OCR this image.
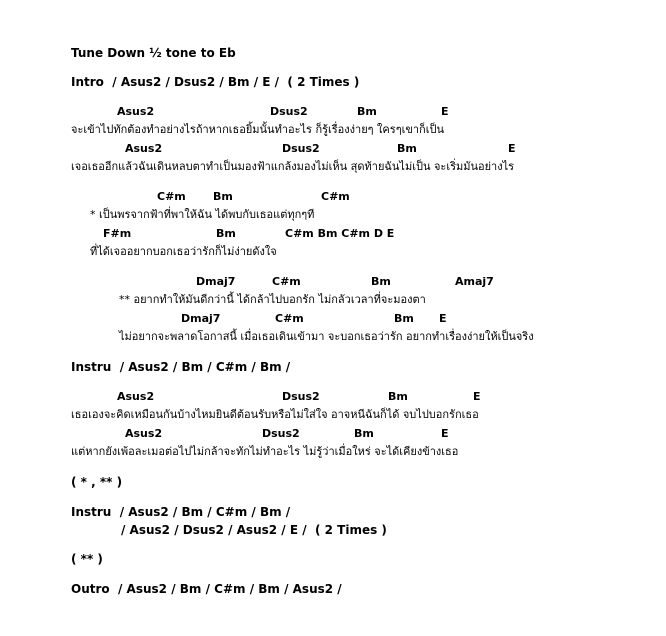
Tune Down ½ tone to Eb
Intro  / Asus2 / Dsus2 / Bm / E /  ( 2 Times )
Asus2	Dsus2	Bm	E
จะเข้าไปทักต้องทำอย่างไรถ้าหากเธอยิ้มนั้นทำอะไร ก็รู้เรื่องง่ายๆ ใครๆเขาก็เป็น
Asus2	Dsus2	Bm	E
เจอเธออีกแล้วฉันเดินหลบตาทำเป็นมองฟ้าแกล้งมองไม่เห็น สุดท้ายฉันไม่เป็น จะเริ่มมันอย่างไร
C#m Bm	C#m
* เป็นพรจากฟ้าที่พาให้ฉัน ได้พบกับเธอแต่ทุกๆที
F#m	Bm	C#m Bm C#m D E
ที่ได้เจออยากบอกเธอว่ารักก็ไม่ง่ายดังใจ
Dmaj7	C#m	Bm	Amaj7
** อยากทำให้มันดีกว่านี้ ได้กล้าไปบอกรัก ไม่กลัวเวลาที่จะมองตา
Dmaj7	C#m	Bm E
ไม่อยากจะพลาดโอกาสนี้ เมื่อเธอเดินเข้ามา จะบอกเธอว่ารัก อยากทำเรื่องง่ายให้เป็นจริง
Instru  / Asus2 / Bm / C#m / Bm /
Asus2	Dsus2	Bm	E
เธอเองจะคิดเหมือนกันบ้างไหมยินดีต้อนรับหรือไม่ใส่ใจ อาจหนีฉันก็ได้ จบไปบอกรักเธอ
Asus2	Dsus2	Bm	E
แต่หากยังเพ้อละเมอต่อไปไม่กล้าจะทักไม่ทำอะไร ไม่รู้ว่าเมื่อใหร่ จะได้เคียงข้างเธอ
( * , ** )
Instru  / Asus2 / Bm / C#m / Bm /
/ Asus2 / Dsus2 / Asus2 / E /  ( 2 Times )
( ** )
Outro  / Asus2 / Bm / C#m / Bm / Asus2 /
